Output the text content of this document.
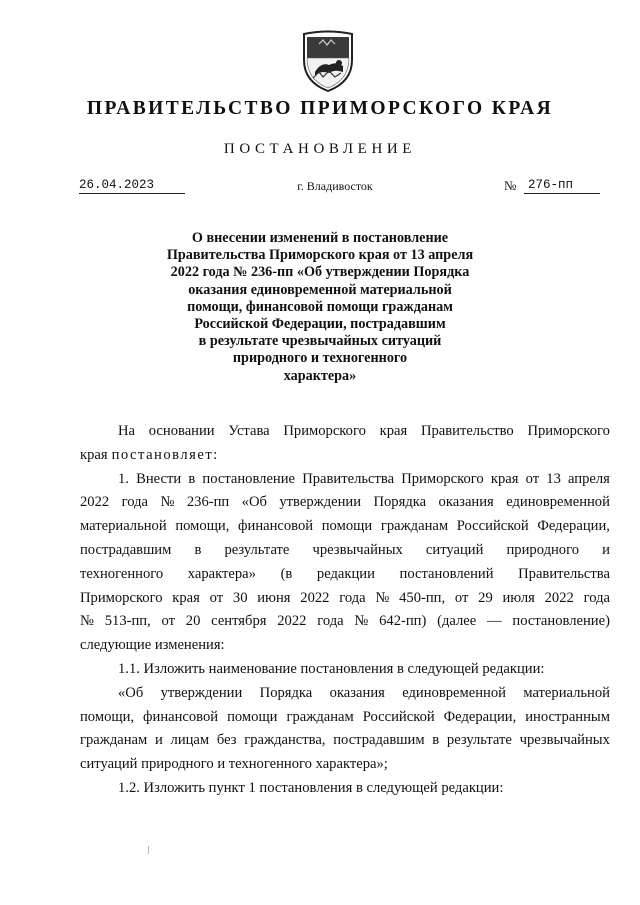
ПРАВИТЕЛЬСТВО ПРИМОРСКОГО КРАЯ
ПОСТАНОВЛЕНИЕ
26.04.2023	г. Владивосток	№ 276-пп
О внесении изменений в постановление
Правительства Приморского края от 13 апреля
2022 года № 236-пп «Об утверждении Порядка
оказания единовременной материальной
помощи, финансовой помощи гражданам
Российской Федерации, пострадавшим
в результате чрезвычайных ситуаций
природного и техногенного
характера»
На основании Устава Приморского края Правительство Приморского
края постановляет:
1. Внести в постановление Правительства Приморского края от 13 апреля
2022 года № 236-пп «Об утверждении Порядка оказания единовременной
материальной помощи, финансовой помощи гражданам Российской Федерации,
пострадавшим в результате чрезвычайных ситуаций природного и
техногенного характера» (в редакции постановлений Правительства
Приморского края от 30 июня 2022 года № 450-пп, от 29 июля 2022 года
№ 513-пп, от 20 сентября 2022 года № 642-пп) (далее — постановление)
следующие изменения:
1.1. Изложить наименование постановления в следующей редакции:
«Об утверждении Порядка оказания единовременной материальной
помощи, финансовой помощи гражданам Российской Федерации, иностранным
гражданам и лицам без гражданства, пострадавшим в результате чрезвычайных
ситуаций природного и техногенного характера»;
1.2. Изложить пункт 1 постановления в следующей редакции:
